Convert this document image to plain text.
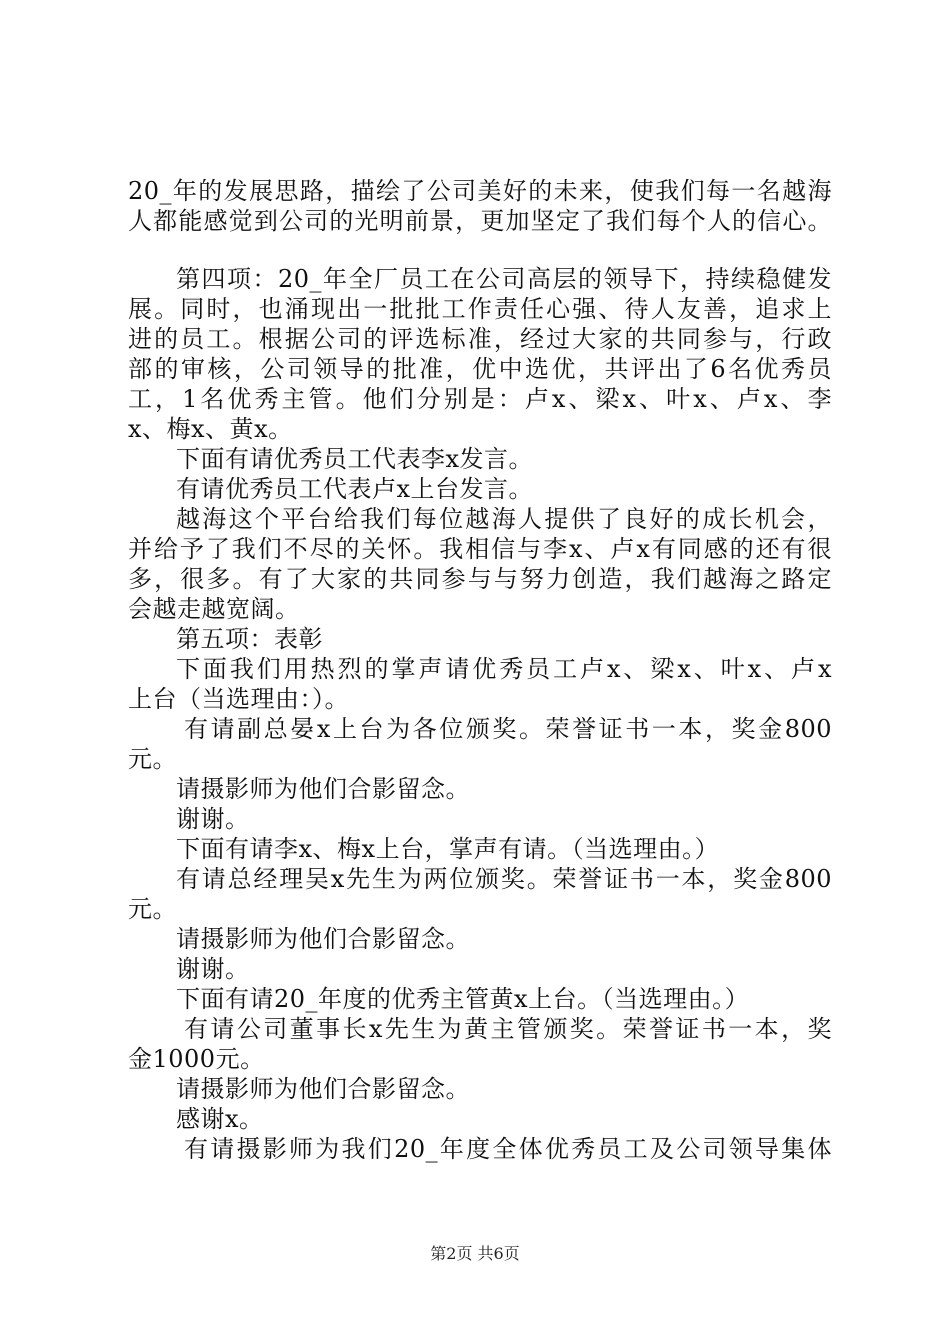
20_年的发展思路，描绘了公司美好的未来，使我们每一名越海
人都能感觉到公司的光明前景，更加坚定了我们每个人的信心。
第四项：20_年全厂员工在公司高层的领导下，持续稳健发
展。同时，也涌现出一批批工作责任心强、待人友善，追求上
进的员工。根据公司的评选标准，经过大家的共同参与，行政
部的审核，公司领导的批准，优中选优，共评出了6名优秀员
工，1名优秀主管。他们分别是：卢x、梁x、叶x、卢x、李
x、梅x、黄x。
下面有请优秀员工代表李x发言。
有请优秀员工代表卢x上台发言。
越海这个平台给我们每位越海人提供了良好的成长机会，
并给予了我们不尽的关怀。我相信与李x、卢x有同感的还有很
多，很多。有了大家的共同参与与努力创造，我们越海之路定
会越走越宽阔。
第五项：表彰
下面我们用热烈的掌声请优秀员工卢x、梁x、叶x、卢x
上台（当选理由：）。
有请副总晏x上台为各位颁奖。荣誉证书一本，奖金800
元。
请摄影师为他们合影留念。
谢谢。
下面有请李x、梅x上台，掌声有请。（当选理由。）
有请总经理吴x先生为两位颁奖。荣誉证书一本，奖金800
元。
请摄影师为他们合影留念。
谢谢。
下面有请20_年度的优秀主管黄x上台。（当选理由。）
有请公司董事长x先生为黄主管颁奖。荣誉证书一本，奖
金1000元。
请摄影师为他们合影留念。
感谢x。
有请摄影师为我们20_年度全体优秀员工及公司领导集体
第2页 共6页
